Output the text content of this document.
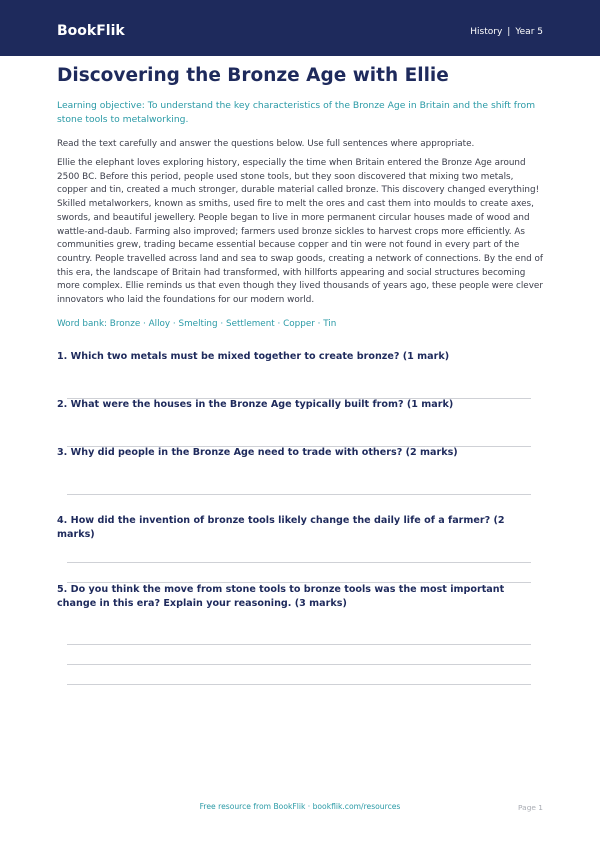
BookFlik	History | Year 5
Discovering the Bronze Age with Ellie

Learning objective: To understand the key characteristics of the Bronze Age in Britain and the shift from stone tools to metalworking.

Read the text carefully and answer the questions below. Use full sentences where appropriate.

Ellie the elephant loves exploring history, especially the time when Britain entered the Bronze Age around 2500 BC. Before this period, people used stone tools, but they soon discovered that mixing two metals, copper and tin, created a much stronger, durable material called bronze. This discovery changed everything! Skilled metalworkers, known as smiths, used fire to melt the ores and cast them into moulds to create axes, swords, and beautiful jewellery. People began to live in more permanent circular houses made of wood and wattle-and-daub. Farming also improved; farmers used bronze sickles to harvest crops more efficiently. As communities grew, trading became essential because copper and tin were not found in every part of the country. People travelled across land and sea to swap goods, creating a network of connections. By the end of this era, the landscape of Britain had transformed, with hillforts appearing and social structures becoming more complex. Ellie reminds us that even though they lived thousands of years ago, these people were clever innovators who laid the foundations for our modern world.

Word bank: Bronze · Alloy · Smelting · Settlement · Copper · Tin

1. Which two metals must be mixed together to create bronze? (1 mark)

2. What were the houses in the Bronze Age typically built from? (1 mark)

3. Why did people in the Bronze Age need to trade with others? (2 marks)

4. How did the invention of bronze tools likely change the daily life of a farmer? (2 marks)

5. Do you think the move from stone tools to bronze tools was the most important change in this era? Explain your reasoning. (3 marks)

Free resource from BookFlik · bookflik.com/resources	Page 1
